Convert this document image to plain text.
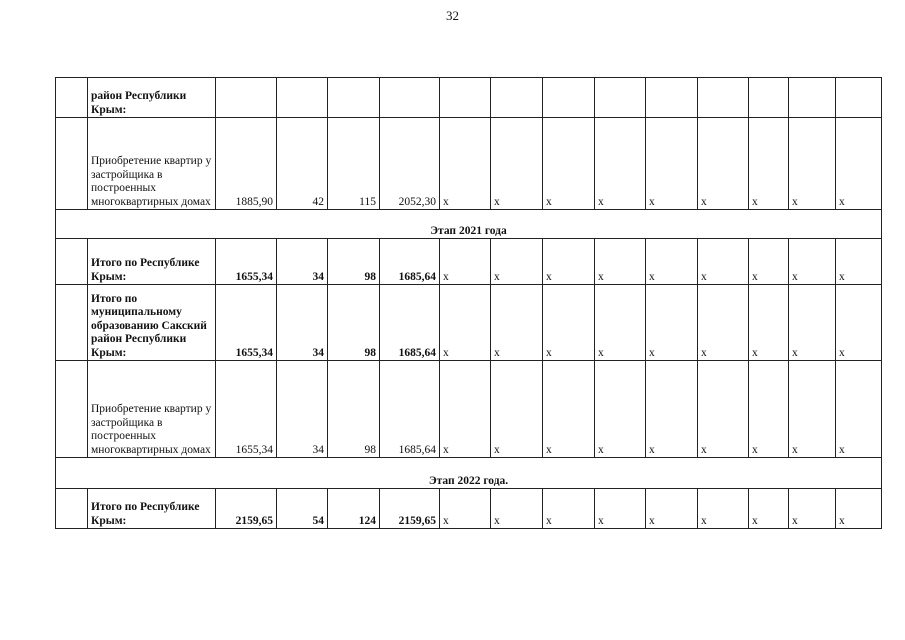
32
	район Республики Крым:													
	Приобретение квартир у застройщика в построенных многоквартирных домах	1885,90	42	115	2052,30	x	x	x	x	x	x	x	x	x
Этап 2021 года														
	Итого по Республике Крым:	1655,34	34	98	1685,64	x	x	x	x	x	x	x	x	x
	Итого по муниципальному образованию Сакский район Республики Крым:	1655,34	34	98	1685,64	x	x	x	x	x	x	x	x	x
	Приобретение квартир у застройщика в построенных многоквартирных домах	1655,34	34	98	1685,64	x	x	x	x	x	x	x	x	x
Этап 2022 года.														
	Итого по Республике Крым:	2159,65	54	124	2159,65	x	x	x	x	x	x	x	x	x
